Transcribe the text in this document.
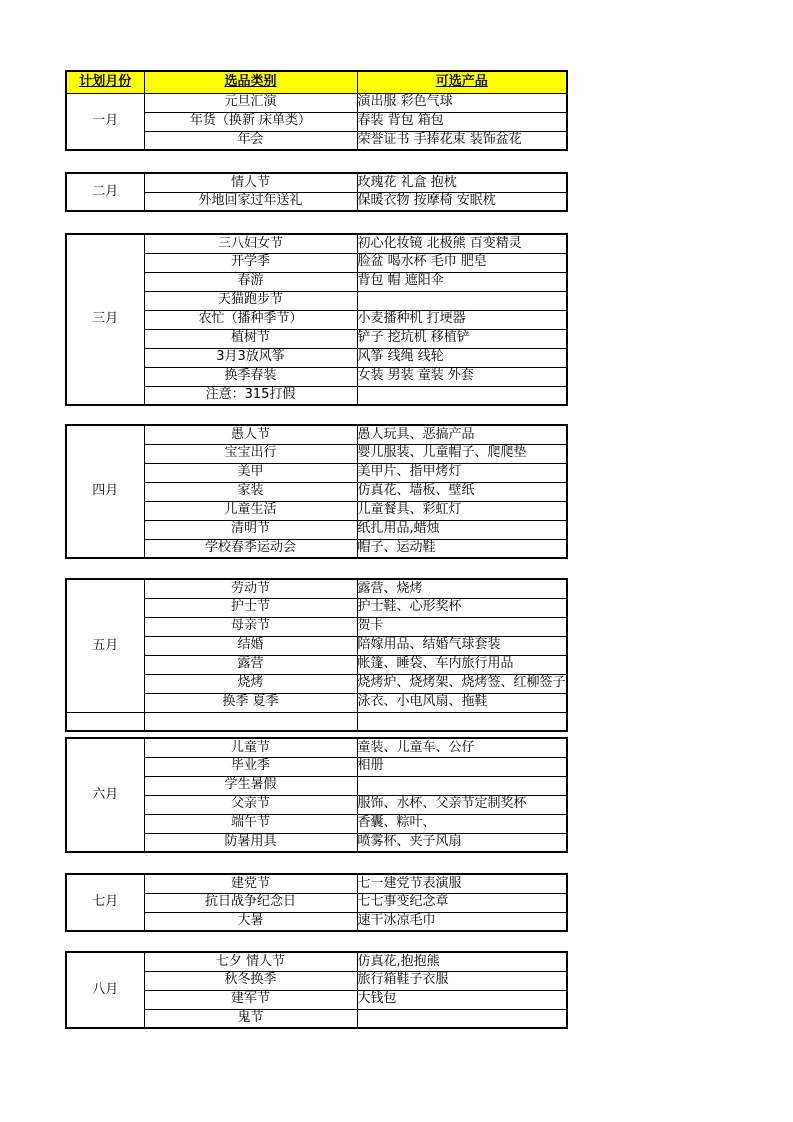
计划月份	选品类别	可选产品
一月	元旦汇演	演出服 彩色气球
	年货（换新 床单类）	春装 背包 箱包
	年会	荣誉证书 手捧花束 装饰盆花
二月	情人节	玫瑰花 礼盒 抱枕
	外地回家过年送礼	保暖衣物 按摩椅 安眠枕
三月	三八妇女节	初心化妆镜 北极熊 百变精灵
	开学季	脸盆 喝水杯 毛巾 肥皂
	春游	背包 帽 遮阳伞
	天猫跑步节	
	农忙（播种季节）	小麦播种机 打埂器
	植树节	铲子 挖坑机 移植铲
	3月3放风筝	风筝 线绳 线轮
	换季春装	女装 男装 童装 外套
	注意：315打假	
四月	愚人节	愚人玩具、恶搞产品
	宝宝出行	婴儿服装、儿童帽子、爬爬垫
	美甲	美甲片、指甲烤灯
	家装	仿真花、墙板、壁纸
	儿童生活	儿童餐具、彩虹灯
	清明节	纸扎用品,蜡烛
	学校春季运动会	帽子、运动鞋
五月	劳动节	露营、烧烤
	护士节	护士鞋、心形奖杯
	母亲节	贺卡
	结婚	陪嫁用品、结婚气球套装
	露营	帐篷、睡袋、车内旅行用品
	烧烤	烧烤炉、烧烤架、烧烤签、红柳签子
	换季 夏季	泳衣、小电风扇、拖鞋

六月	儿童节	童装、儿童车、公仔
	毕业季	相册
	学生暑假	
	父亲节	服饰、水杯、父亲节定制奖杯
	端午节	香囊、粽叶、
	防暑用具	喷雾杯、夹子风扇
七月	建党节	七一建党节表演服
	抗日战争纪念日	七七事变纪念章
	大暑	速干冰凉毛巾
八月	七夕 情人节	仿真花,抱抱熊
	秋冬换季	旅行箱鞋子衣服
	建军节	大钱包
	鬼节	
